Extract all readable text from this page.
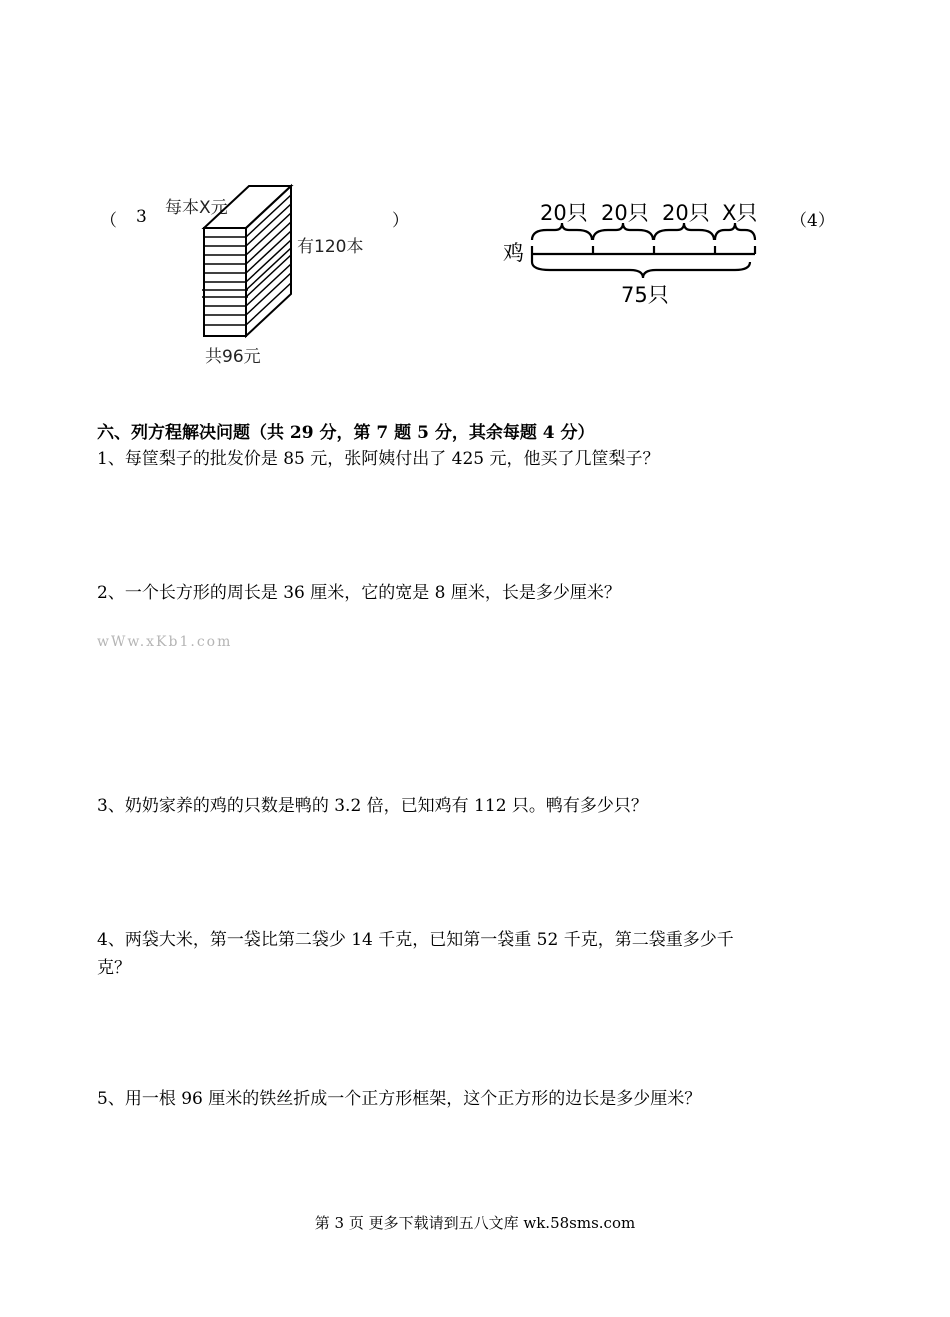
（ 3	）
每本X元
有120本
共96元
（4）
鸡
20只 20只 20只 X只
75只
六、列方程解决问题（共 29 分，第 7 题 5 分，其余每题 4 分）
1、每筐梨子的批发价是 85 元，张阿姨付出了 425 元，他买了几筐梨子？
2、一个长方形的周长是 36 厘米，它的宽是 8 厘米，长是多少厘米？
wWw.xKb1.com
3、奶奶家养的鸡的只数是鸭的 3.2 倍，已知鸡有 112 只。鸭有多少只？
4、两袋大米，第一袋比第二袋少 14 千克，已知第一袋重 52 千克，第二袋重多少千
克？
5、用一根 96 厘米的铁丝折成一个正方形框架，这个正方形的边长是多少厘米？
第 3 页 更多下载请到五八文库 wk.58sms.com
